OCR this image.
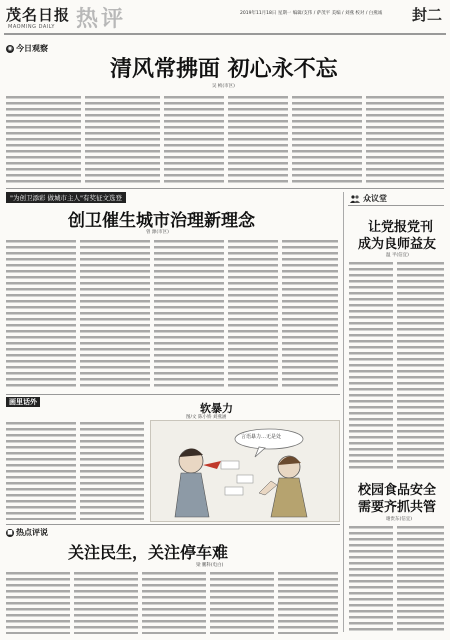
茂名日报
MAOMING DAILY 热评	2019年11月18日 星期一 编辑/支伟 / 萨茂平 美编 / 刘燕 校对 / 白燕诚 封二
◉ 今日观察
清风常拂面 初心永不忘
吴 桢(市区)
"为创卫添彩 做城市主人"有奖征文选登
创卫催生城市治理新理念
曾 源(市区)
众议堂
让党报党刊
成为良师益友
温 平(信宜)
校园食品安全
需要齐抓共管
谢贵东(信宜)
画里话外	软暴力
图/文 陈小娇 刘燕涵
言语暴力…无是处
■ 热点评说
关注民生，关注停车难
梁 鹏科(电白)
